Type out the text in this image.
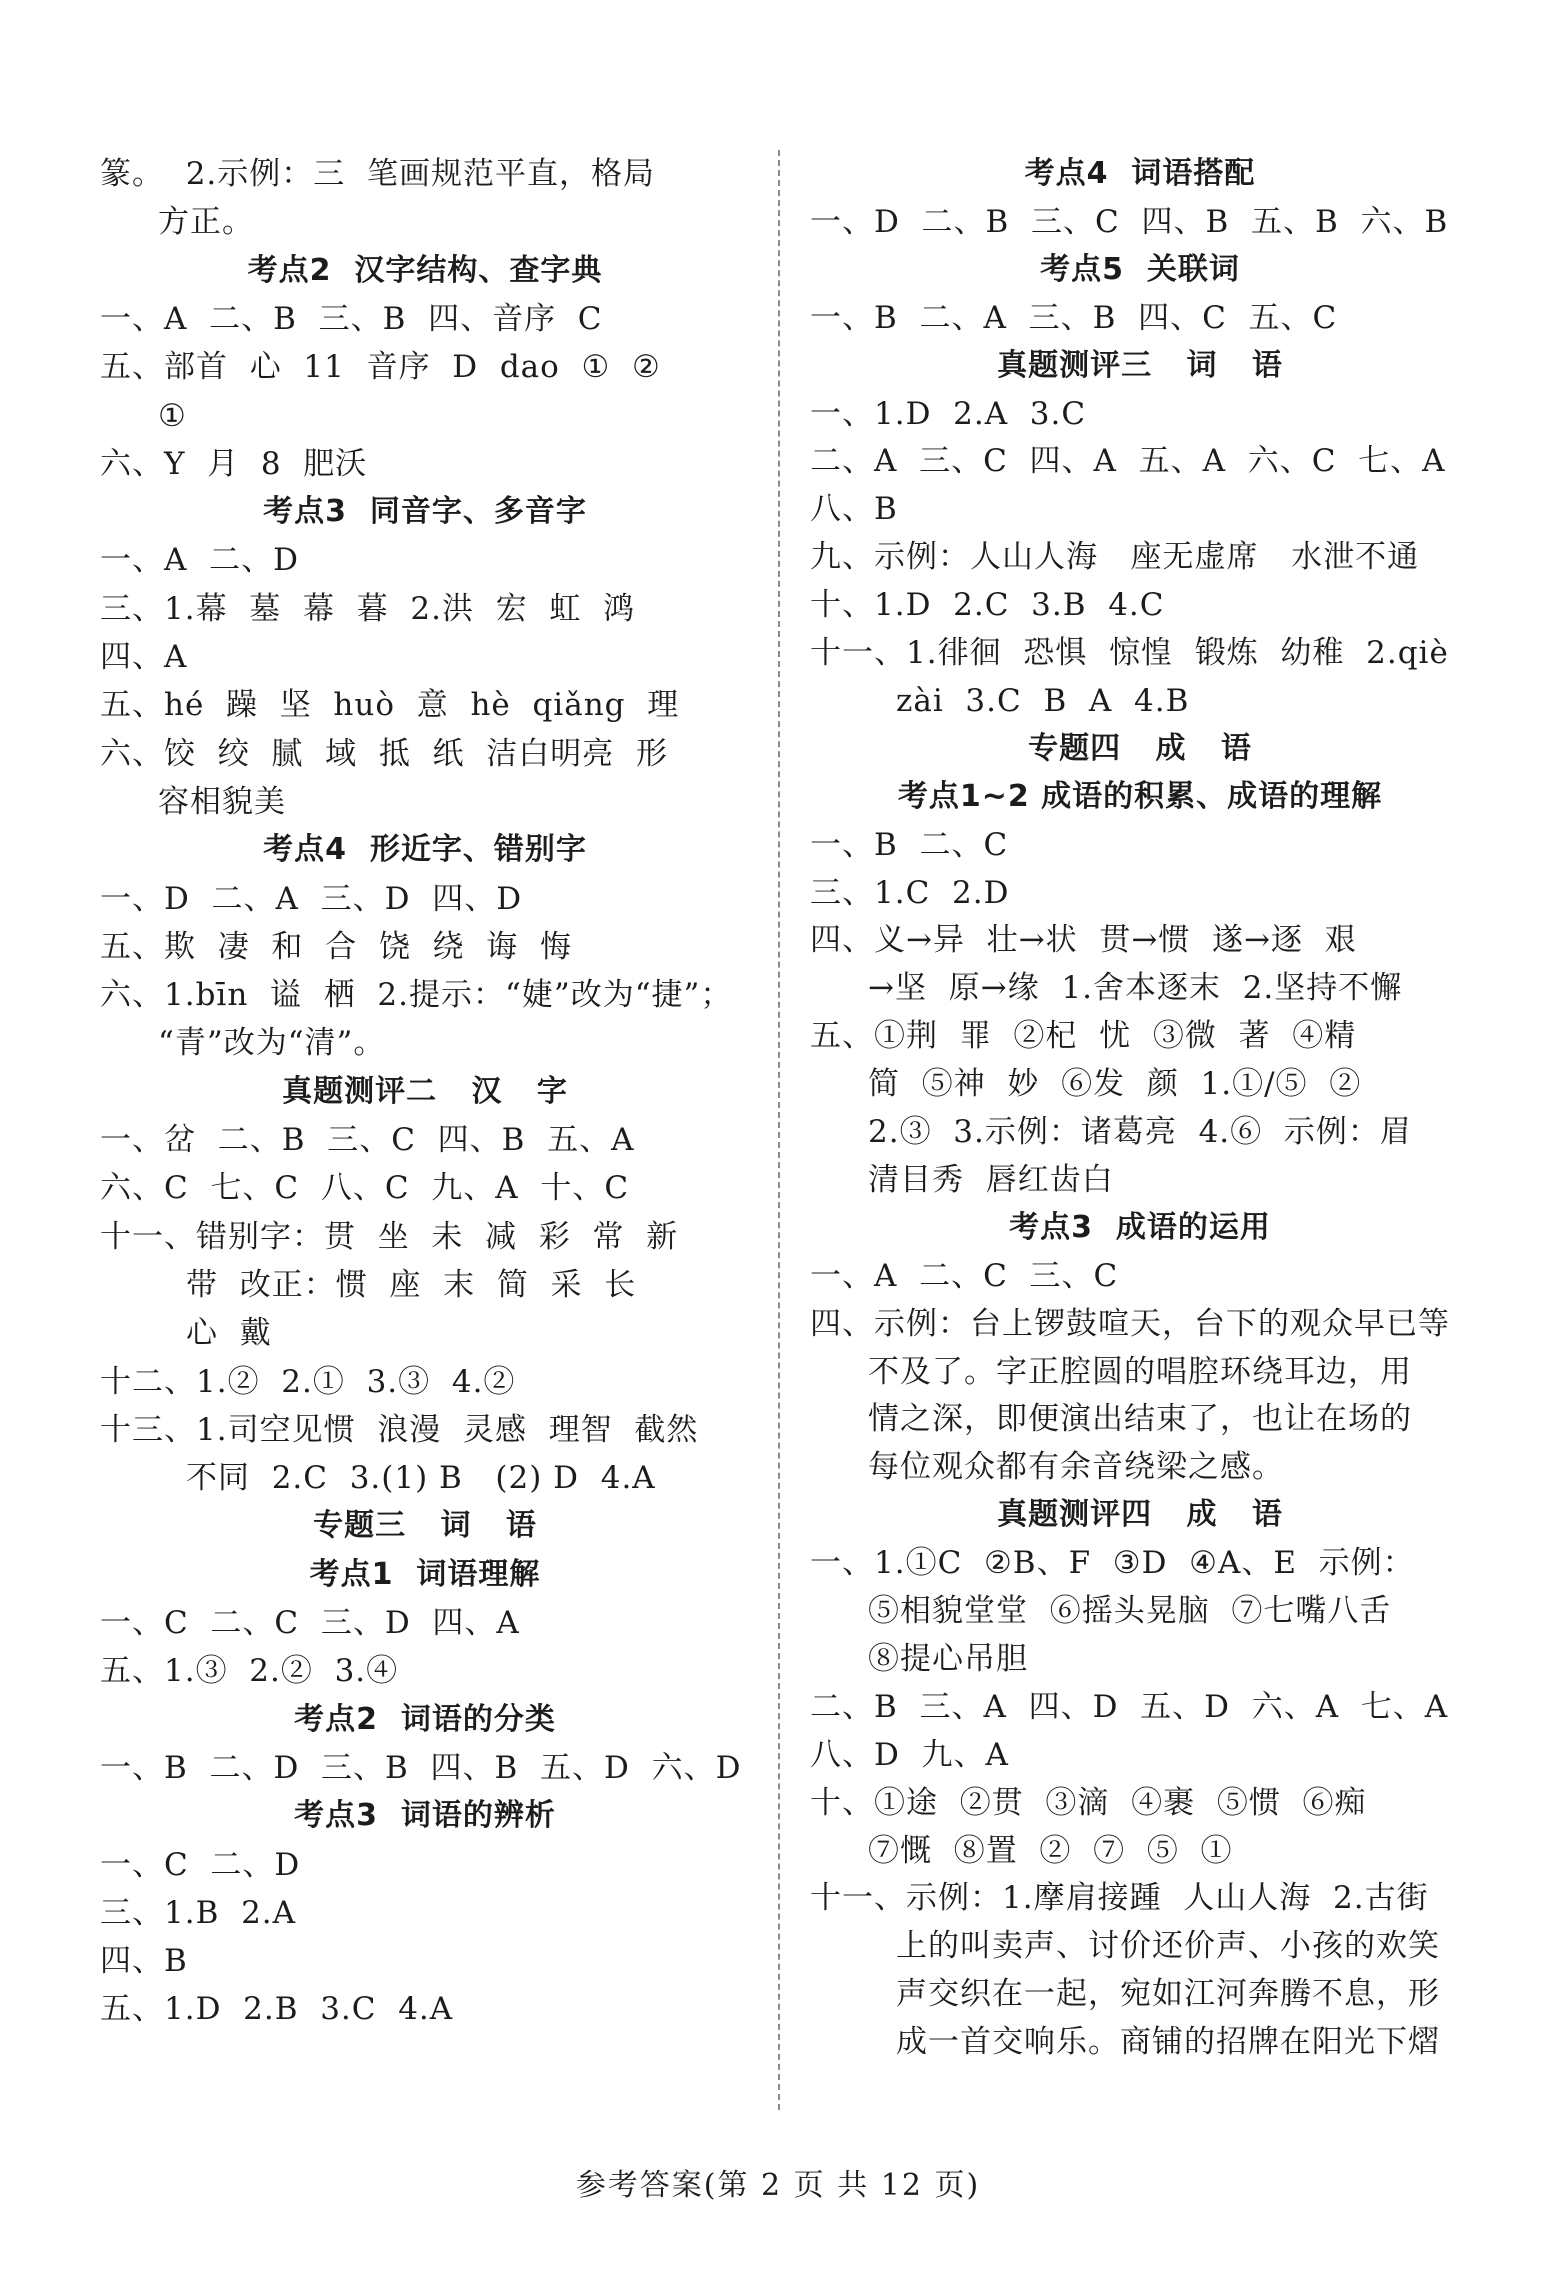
篆。  2.示例：三  笔画规范平直，格局
方正。
考点2  汉字结构、查字典
一、A  二、B  三、B  四、音序  C
五、部首  心  11  音序  D  dao  ①  ②
①
六、Y  月  8  肥沃
考点3  同音字、多音字
一、A  二、D
三、1.幕  墓  幕  暮  2.洪  宏  虹  鸿
四、A
五、hé  躁  坚  huò  意  hè  qiǎng  理
六、饺  绞  腻  域  抵  纸  洁白明亮  形
容相貌美
考点4  形近字、错别字
一、D  二、A  三、D  四、D
五、欺  凄  和  合  饶  绕  诲  悔
六、1.bīn  谥  栖  2.提示：“婕”改为“捷”；
“青”改为“清”。
真题测评二   汉   字
一、岔  二、B  三、C  四、B  五、A
六、C  七、C  八、C  九、A  十、C
十一、错别字：贯  坐  未  减  彩  常  新
带  改正：惯  座  末  简  采  长
心  戴
十二、1.②  2.①  3.③  4.②
十三、1.司空见惯  浪漫  灵感  理智  截然
不同  2.C  3.(1) B   (2) D  4.A
专题三   词   语
考点1  词语理解
一、C  二、C  三、D  四、A
五、1.③  2.②  3.④
考点2  词语的分类
一、B  二、D  三、B  四、B  五、D  六、D
考点3  词语的辨析
一、C  二、D
三、1.B  2.A
四、B
五、1.D  2.B  3.C  4.A
考点4  词语搭配
一、D  二、B  三、C  四、B  五、B  六、B
考点5  关联词
一、B  二、A  三、B  四、C  五、C
真题测评三   词   语
一、1.D  2.A  3.C
二、A  三、C  四、A  五、A  六、C  七、A
八、B
九、示例：人山人海   座无虚席   水泄不通
十、1.D  2.C  3.B  4.C
十一、1.徘徊  恐惧  惊惶  锻炼  幼稚  2.qiè
zài  3.C  B  A  4.B
专题四   成   语
考点1~2 成语的积累、成语的理解
一、B  二、C
三、1.C  2.D
四、义→异  壮→状  贯→惯  遂→逐  艰
→坚  原→缘  1.舍本逐末  2.坚持不懈
五、①荆  罪  ②杞  忧  ③微  著  ④精
简  ⑤神  妙  ⑥发  颜  1.①/⑤  ②
2.③  3.示例：诸葛亮  4.⑥  示例：眉
清目秀  唇红齿白
考点3  成语的运用
一、A  二、C  三、C
四、示例：台上锣鼓喧天，台下的观众早已等
不及了。字正腔圆的唱腔环绕耳边，用
情之深，即便演出结束了，也让在场的
每位观众都有余音绕梁之感。
真题测评四   成   语
一、1.①C  ②B、F  ③D  ④A、E  示例：
⑤相貌堂堂  ⑥摇头晃脑  ⑦七嘴八舌
⑧提心吊胆
二、B  三、A  四、D  五、D  六、A  七、A
八、D  九、A
十、①途  ②贯  ③滴  ④裹  ⑤惯  ⑥痴
⑦慨  ⑧置  ②  ⑦  ⑤  ①
十一、示例：1.摩肩接踵  人山人海  2.古街
上的叫卖声、讨价还价声、小孩的欢笑
声交织在一起，宛如江河奔腾不息，形
成一首交响乐。商铺的招牌在阳光下熠
参考答案(第 2 页 共 12 页)
